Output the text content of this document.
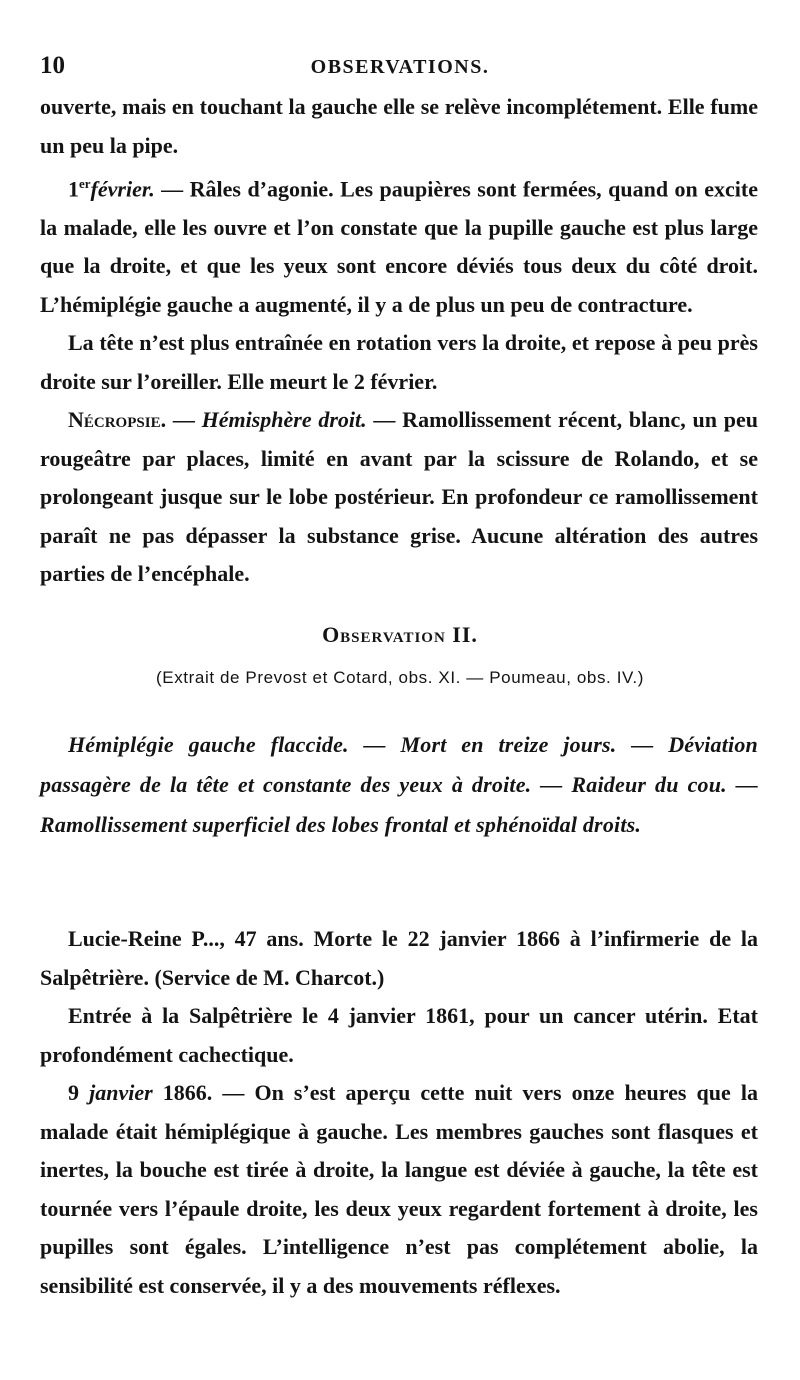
10	OBSERVATIONS.

ouverte, mais en touchant la gauche elle se relève incomplétement. Elle fume un peu la pipe.

1erfévrier. — Râles d’agonie. Les paupières sont fermées, quand on excite la malade, elle les ouvre et l’on constate que la pupille gauche est plus large que la droite, et que les yeux sont encore déviés tous deux du côté droit. L’hémiplégie gauche a augmenté, il y a de plus un peu de contracture.

La tête n’est plus entraînée en rotation vers la droite, et repose à peu près droite sur l’oreiller. Elle meurt le 2 février.

Nécropsie. — Hémisphère droit. — Ramollissement récent, blanc, un peu rougeâtre par places, limité en avant par la scissure de Rolando, et se prolongeant jusque sur le lobe postérieur. En profondeur ce ramollissement paraît ne pas dépasser la substance grise. Aucune altération des autres parties de l’encéphale.

Observation II.
(Extrait de Prevost et Cotard, obs. XI. — Poumeau, obs. IV.)

Hémiplégie gauche flaccide. — Mort en treize jours. — Déviation passagère de la tête et constante des yeux à droite. — Raideur du cou. — Ramollissement superficiel des lobes frontal et sphénoïdal droits.

Lucie-Reine P..., 47 ans. Morte le 22 janvier 1866 à l’infirmerie de la Salpêtrière. (Service de M. Charcot.)

Entrée à la Salpêtrière le 4 janvier 1861, pour un cancer utérin. Etat profondément cachectique.

9 janvier 1866. — On s’est aperçu cette nuit vers onze heures que la malade était hémiplégique à gauche. Les membres gauches sont flasques et inertes, la bouche est tirée à droite, la langue est déviée à gauche, la tête est tournée vers l’épaule droite, les deux yeux regardent fortement à droite, les pupilles sont égales. L’intelligence n’est pas complétement abolie, la sensibilité est conservée, il y a des mouvements réflexes.
